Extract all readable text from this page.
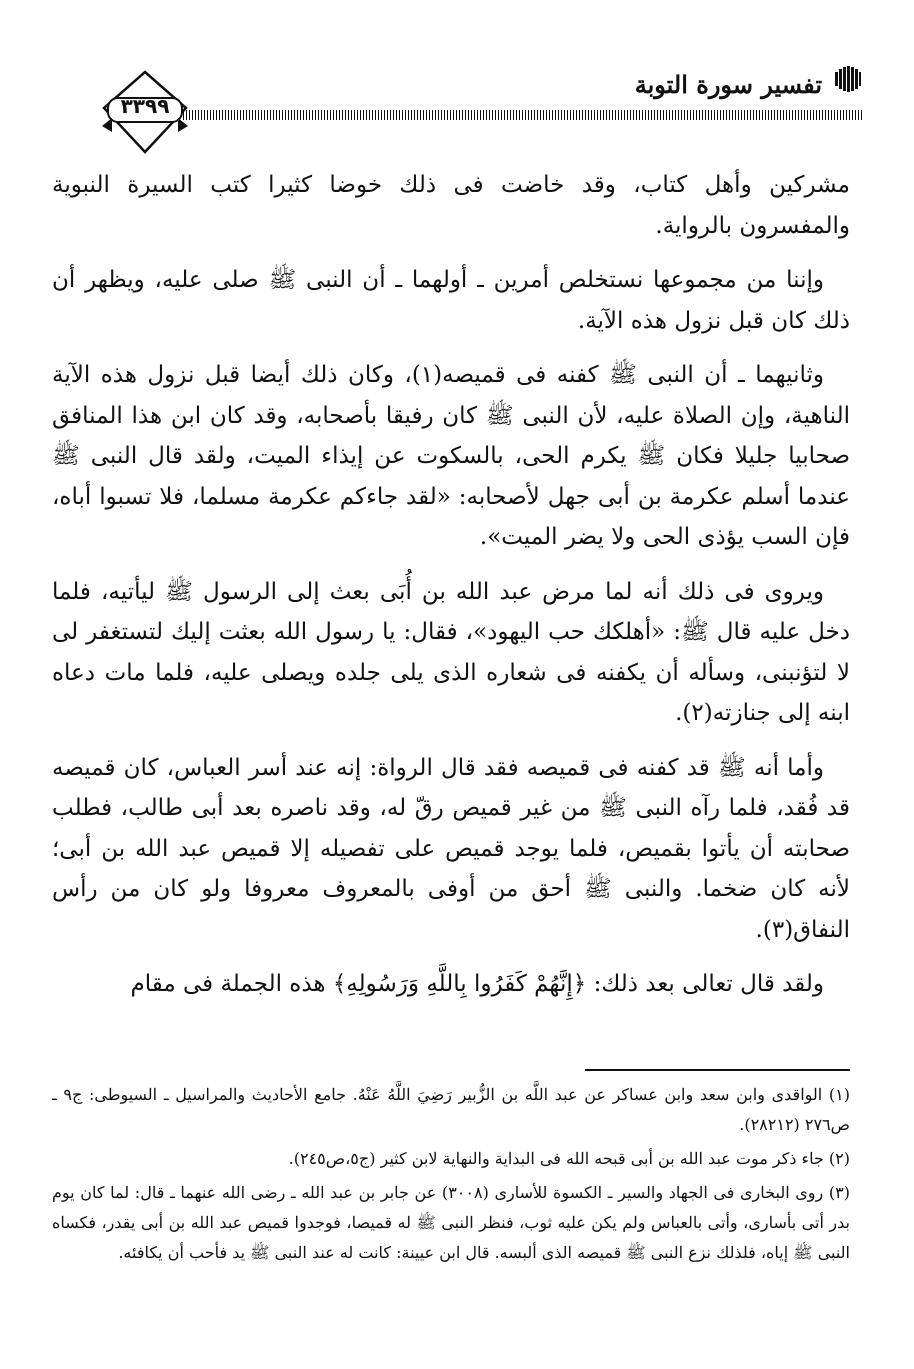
تفسير سورة التوبة
٣٣٩٩

مشركين وأهل كتاب، وقد خاضت فى ذلك خوضا كثيرا كتب السيرة النبوية والمفسرون بالرواية.

وإننا من مجموعها نستخلص أمرين ـ أولهما ـ أن النبى ﷺ صلى عليه، ويظهر أن ذلك كان قبل نزول هذه الآية.

وثانيهما ـ أن النبى ﷺ كفنه فى قميصه(١)، وكان ذلك أيضا قبل نزول هذه الآية الناهية، وإن الصلاة عليه، لأن النبى ﷺ كان رفيقا بأصحابه، وقد كان ابن هذا المنافق صحابيا جليلا فكان ﷺ يكرم الحى، بالسكوت عن إيذاء الميت، ولقد قال النبى ﷺ عندما أسلم عكرمة بن أبى جهل لأصحابه: «لقد جاءكم عكرمة مسلما، فلا تسبوا أباه، فإن السب يؤذى الحى ولا يضر الميت».

ويروى فى ذلك أنه لما مرض عبد الله بن أُبَى بعث إلى الرسول ﷺ ليأتيه، فلما دخل عليه قال ﷺ: «أهلكك حب اليهود»، فقال: يا رسول الله بعثت إليك لتستغفر لى لا لتؤنبنى، وسأله أن يكفنه فى شعاره الذى يلى جلده ويصلى عليه، فلما مات دعاه ابنه إلى جنازته(٢).

وأما أنه ﷺ قد كفنه فى قميصه فقد قال الرواة: إنه عند أسر العباس، كان قميصه قد فُقد، فلما رآه النبى ﷺ من غير قميص رقّ له، وقد ناصره بعد أبى طالب، فطلب صحابته أن يأتوا بقميص، فلما يوجد قميص على تفصيله إلا قميص عبد الله بن أبى؛ لأنه كان ضخما. والنبى ﷺ أحق من أوفى بالمعروف معروفا ولو كان من رأس النفاق(٣).

ولقد قال تعالى بعد ذلك: ﴿إِنَّهُمْ كَفَرُوا بِاللَّهِ وَرَسُولِهِ﴾ هذه الجملة فى مقام

(١) الواقدى وابن سعد وابن عساكر عن عبد اللَّه بن الزُّبير رَضِيَ اللَّهُ عَنْهُ. جامع الأحاديث والمراسيل ـ السيوطى: ج٩ ـ ص٢٧٦ (٢٨٢١٢).

(٢) جاء ذكر موت عبد الله بن أبى قبحه الله فى البداية والنهاية لابن كثير (ج٥،ص٢٤٥).

(٣) روى البخارى فى الجهاد والسير ـ الكسوة للأسارى (٣٠٠٨) عن جابر بن عبد الله ـ رضى الله عنهما ـ قال: لما كان يوم بدر أتى بأسارى، وأتى بالعباس ولم يكن عليه ثوب، فنظر النبى ﷺ له قميصا، فوجدوا قميص عبد الله بن أبى يقدر، فكساه النبى ﷺ إياه، فلذلك نزع النبى ﷺ قميصه الذى ألبسه. قال ابن عيينة: كانت له عند النبى ﷺ يد فأحب أن يكافئه.
